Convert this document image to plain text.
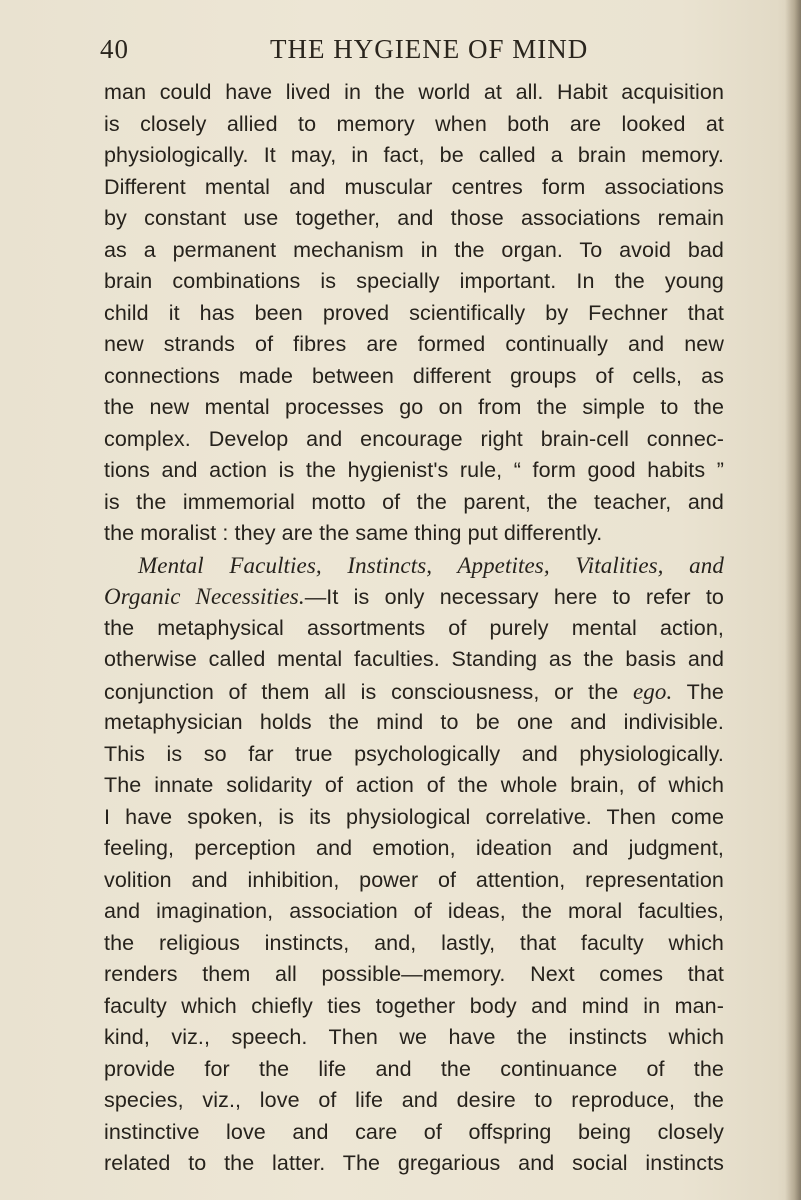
40	THE HYGIENE OF MIND
man could have lived in the world at all. Habit acquisition
is closely allied to memory when both are looked at
physiologically. It may, in fact, be called a brain memory.
Different mental and muscular centres form associations
by constant use together, and those associations remain
as a permanent mechanism in the organ. To avoid bad
brain combinations is specially important. In the young
child it has been proved scientifically by Fechner that
new strands of fibres are formed continually and new
connections made between different groups of cells, as
the new mental processes go on from the simple to the
complex. Develop and encourage right brain-cell connec-
tions and action is the hygienist's rule, “ form good habits ”
is the immemorial motto of the parent, the teacher, and
the moralist : they are the same thing put differently.
Mental Faculties, Instincts, Appetites, Vitalities, and
Organic Necessities.—It is only necessary here to refer to
the metaphysical assortments of purely mental action,
otherwise called mental faculties. Standing as the basis and
conjunction of them all is consciousness, or the ego. The
metaphysician holds the mind to be one and indivisible.
This is so far true psychologically and physiologically.
The innate solidarity of action of the whole brain, of which
I have spoken, is its physiological correlative. Then come
feeling, perception and emotion, ideation and judgment,
volition and inhibition, power of attention, representation
and imagination, association of ideas, the moral faculties,
the religious instincts, and, lastly, that faculty which
renders them all possible—memory. Next comes that
faculty which chiefly ties together body and mind in man-
kind, viz., speech. Then we have the instincts which
provide for the life and the continuance of the
species, viz., love of life and desire to reproduce, the
instinctive love and care of offspring being closely
related to the latter. The gregarious and social instincts
